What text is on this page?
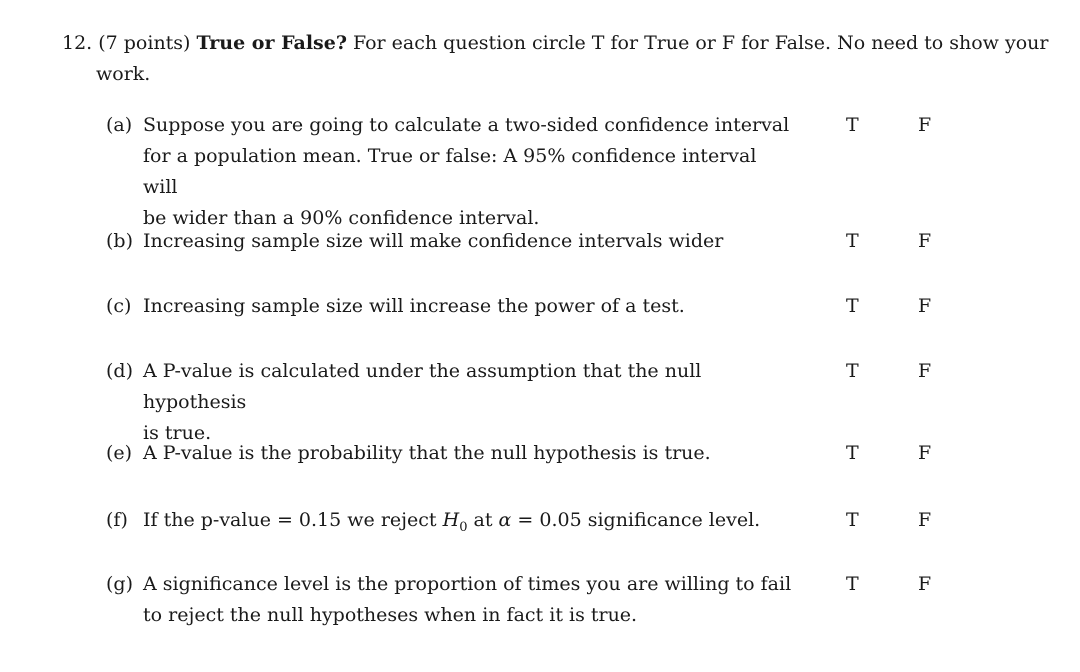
12. (7 points) True or False? For each question circle T for True or F for False. No need to show your
work.
(a) Suppose you are going to calculate a two-sided confidence interval
for a population mean. True or false: A 95% confidence interval will
be wider than a 90% confidence interval.
T	F
(b) Increasing sample size will make confidence intervals wider	T	F
(c) Increasing sample size will increase the power of a test.	T	F
(d) A P-value is calculated under the assumption that the null hypothesis
is true.
T	F
(e) A P-value is the probability that the null hypothesis is true.	T	F
(f) If the p-value = 0.15 we reject $H_0$ at α = 0.05 significance level.	T	F
(g) A significance level is the proportion of times you are willing to fail
to reject the null hypotheses when in fact it is true.
T	F
